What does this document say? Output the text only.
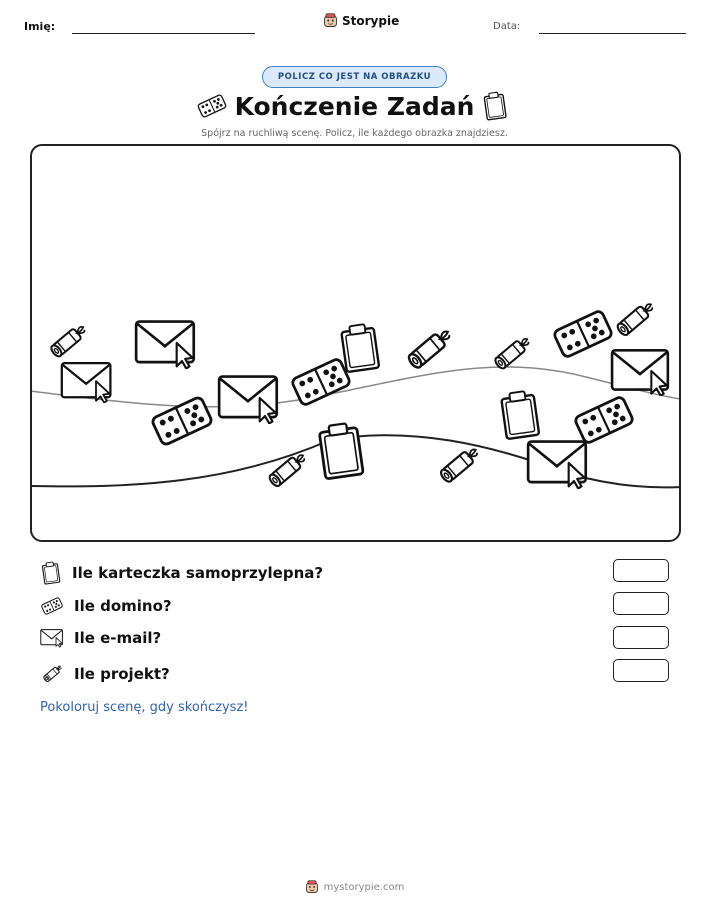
Imię:	Storypie	Data:
POLICZ CO JEST NA OBRAZKU
Kończenie Zadań
Spójrz na ruchliwą scenę. Policz, ile każdego obrazka znajdziesz.
Ile karteczka samoprzylepna?
Ile domino?
Ile e-mail?
Ile projekt?
Pokoloruj scenę, gdy skończysz!
mystorypie.com
